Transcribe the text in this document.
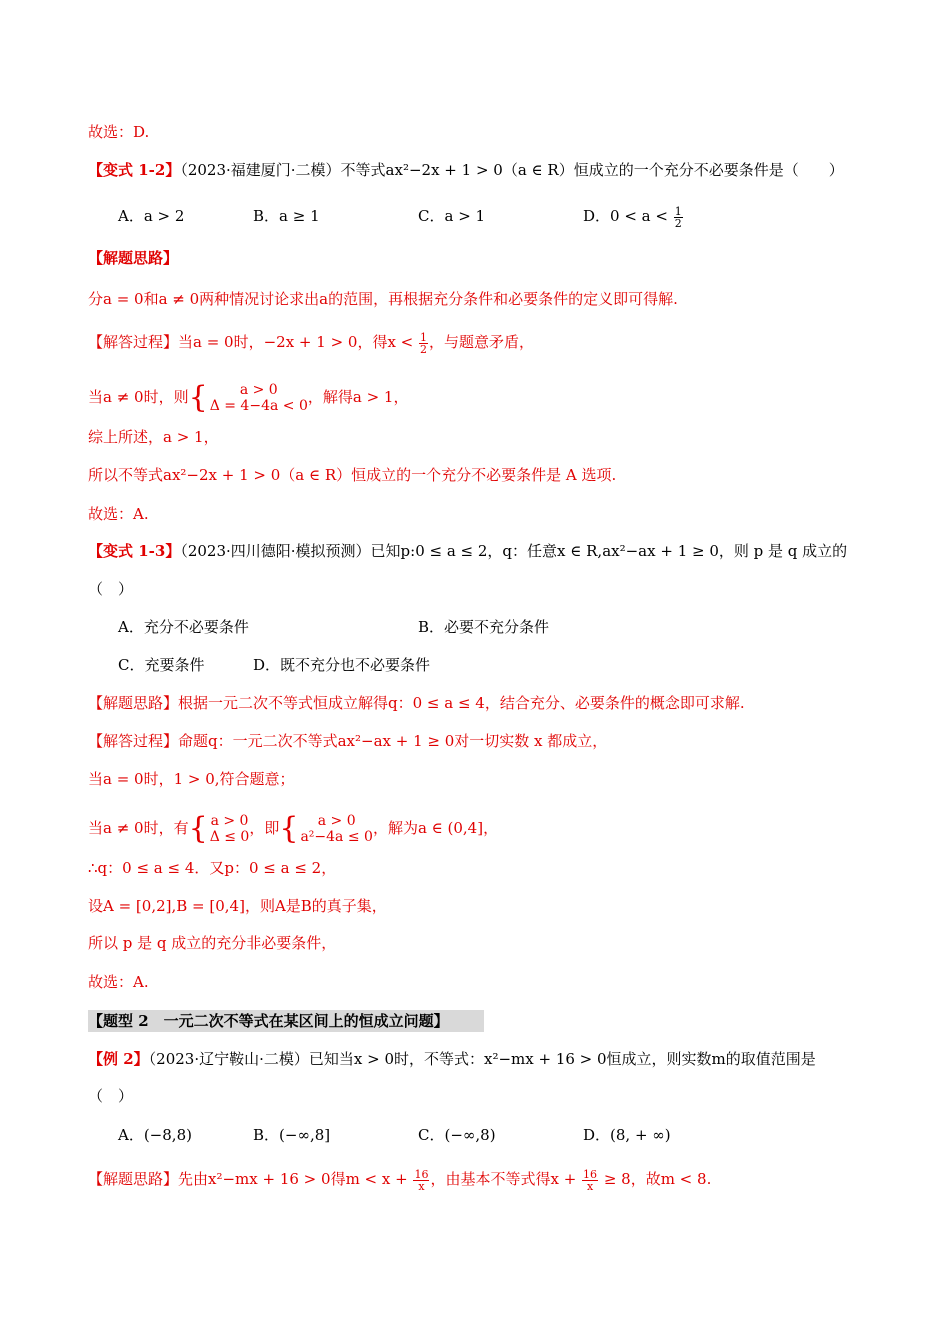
故选：D.
【变式 1-2】（2023·福建厦门·二模）不等式ax²−2x + 1 > 0（a ∈ R）恒成立的一个充分不必要条件是（　　）
A．a > 2	B．a ≥ 1	C．a > 1	D．$0 < a < \frac{1}{2}$
【解题思路】
分a = 0和a ≠ 0两种情况讨论求出a的范围，再根据充分条件和必要条件的定义即可得解.
【解答过程】当a = 0时，−2x + 1 > 0，得$x < \frac{1}{2}$ ，与题意矛盾，
当a ≠ 0时，则 { a > 0
Δ = 4−4a < 0 ，解得a > 1，
综上所述，a > 1，
所以不等式ax²−2x + 1 > 0（a ∈ R）恒成立的一个充分不必要条件是 A 选项.
故选：A.
【变式 1-3】（2023·四川德阳·模拟预测）已知p:0 ≤ a ≤ 2，q：任意x ∈ R,ax²−ax + 1 ≥ 0，则 p 是 q 成立的
（　）
A．充分不必要条件	B．必要不充分条件
C．充要条件	D．既不充分也不必要条件
【解题思路】根据一元二次不等式恒成立解得q：0 ≤ a ≤ 4，结合充分、必要条件的概念即可求解.
【解答过程】命题q：一元二次不等式ax²−ax + 1 ≥ 0对一切实数 x 都成立，
当a = 0时，1 > 0,符合题意；
当a ≠ 0时，有 { a > 0
Δ ≤ 0 ，即 { a > 0
a²−4a ≤ 0 ，解为a ∈ (0,4]，
∴q：0 ≤ a ≤ 4．又p：0 ≤ a ≤ 2，
设A = [0,2],B = [0,4]，则A是B的真子集，
所以 p 是 q 成立的充分非必要条件，
故选：A.
【题型 2　一元二次不等式在某区间上的恒成立问题】
【例 2】（2023·辽宁鞍山·二模）已知当x > 0时，不等式：x²−mx + 16 > 0恒成立，则实数m的取值范围是
（　）
A．(−8,8)	B．(−∞,8]	C．(−∞,8)	D．(8, + ∞)
【解题思路】先由x²−mx + 16 > 0得$m < x + \frac{16}{x}$ ，由基本不等式得$x + \frac{16}{x} \ge 8$，故m < 8.
